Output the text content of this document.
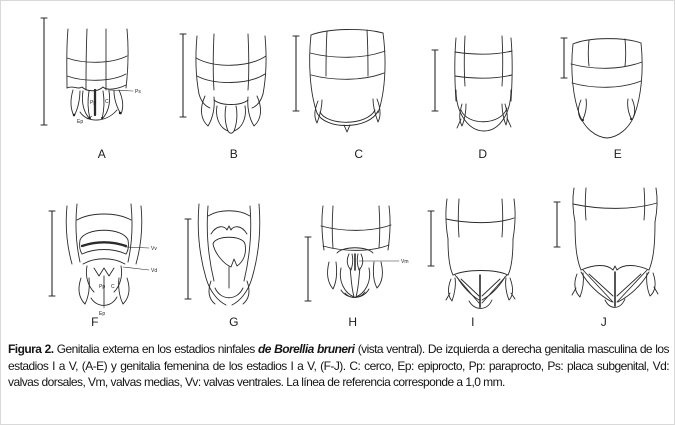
Ps
Pp C
Ep
Vv
Vd
Pp C
Ep
Vm
A	B	C	D	E
F	G	H	I	J

Figura 2. Genitalia externa en los estadios ninfales de Borellia bruneri (vista ventral). De izquierda a derecha genitalia masculina de los estadios I a V, (A-E) y genitalia femenina de los estadios I a V, (F-J). C: cerco, Ep: epiprocto, Pp: paraprocto, Ps: placa subgenital, Vd: valvas dorsales, Vm, valvas medias, Vv: valvas ventrales. La línea de referencia corresponde a 1,0 mm.
